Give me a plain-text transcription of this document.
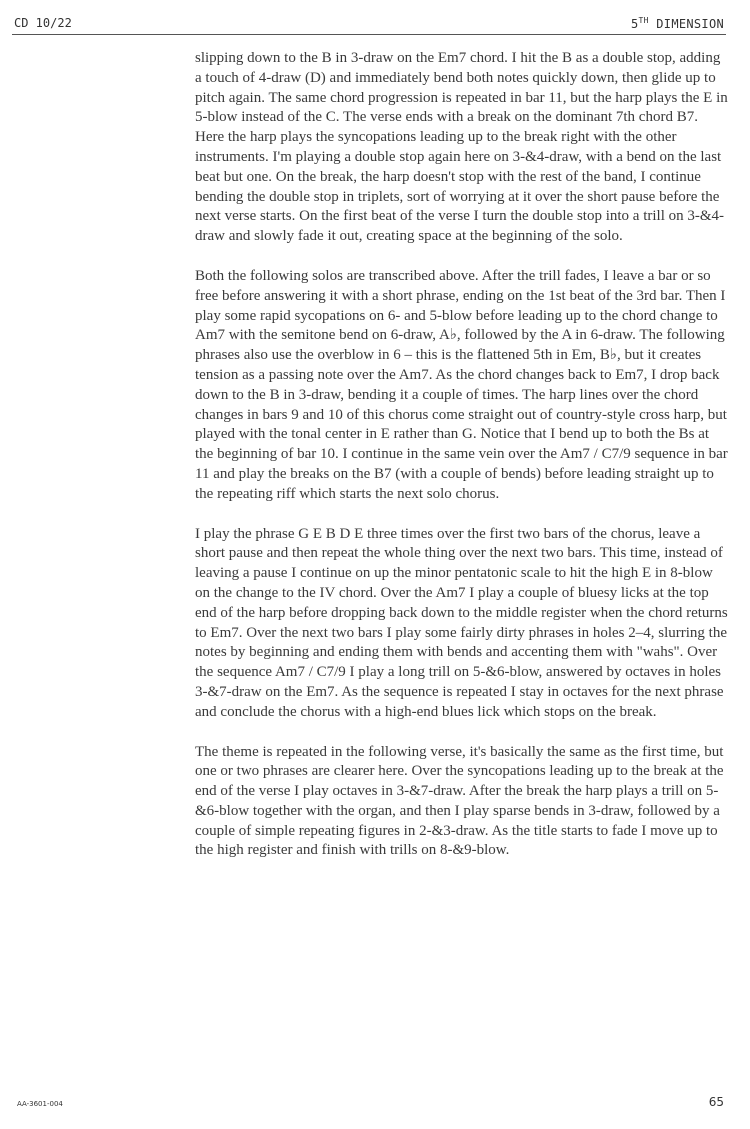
CD 10/22	5TH DIMENSION

slipping down to the B in 3-draw on the Em7 chord. I hit the B as a double stop, adding a touch of 4-draw (D) and immediately bend both notes quickly down, then glide up to pitch again. The same chord progression is repeated in bar 11, but the harp plays the E in 5-blow instead of the C. The verse ends with a break on the dominant 7th chord B7. Here the harp plays the syncopations leading up to the break right with the other instruments. I'm playing a double stop again here on 3-&4-draw, with a bend on the last beat but one. On the break, the harp doesn't stop with the rest of the band, I continue bending the double stop in triplets, sort of worrying at it over the short pause before the next verse starts. On the first beat of the verse I turn the double stop into a trill on 3-&4-draw and slowly fade it out, creating space at the beginning of the solo.

Both the following solos are transcribed above. After the trill fades, I leave a bar or so free before answering it with a short phrase, ending on the 1st beat of the 3rd bar. Then I play some rapid sycopations on 6- and 5-blow before leading up to the chord change to Am7 with the semitone bend on 6-draw, A♭, followed by the A in 6-draw. The following phrases also use the overblow in 6 – this is the flattened 5th in Em, B♭, but it creates tension as a passing note over the Am7. As the chord changes back to Em7, I drop back down to the B in 3-draw, bending it a couple of times. The harp lines over the chord changes in bars 9 and 10 of this chorus come straight out of country-style cross harp, but played with the tonal center in E rather than G. Notice that I bend up to both the Bs at the beginning of bar 10. I continue in the same vein over the Am7 / C7/9 sequence in bar 11 and play the breaks on the B7 (with a couple of bends) before leading straight up to the repeating riff which starts the next solo chorus.

I play the phrase G E B D E three times over the first two bars of the chorus, leave a short pause and then repeat the whole thing over the next two bars. This time, instead of leaving a pause I continue on up the minor pentatonic scale to hit the high E in 8-blow on the change to the IV chord. Over the Am7 I play a couple of bluesy licks at the top end of the harp before dropping back down to the middle register when the chord returns to Em7. Over the next two bars I play some fairly dirty phrases in holes 2–4, slurring the notes by beginning and ending them with bends and accenting them with "wahs". Over the sequence Am7 / C7/9 I play a long trill on 5-&6-blow, answered by octaves in holes 3-&7-draw on the Em7. As the sequence is repeated I stay in octaves for the next phrase and conclude the chorus with a high-end blues lick which stops on the break.

The theme is repeated in the following verse, it's basically the same as the first time, but one or two phrases are clearer here. Over the syncopations leading up to the break at the end of the verse I play octaves in 3-&7-draw. After the break the harp plays a trill on 5-&6-blow together with the organ, and then I play sparse bends in 3-draw, followed by a couple of simple repeating figures in 2-&3-draw. As the title starts to fade I move up to the high register and finish with trills on 8-&9-blow.

AA-3601-004	65
